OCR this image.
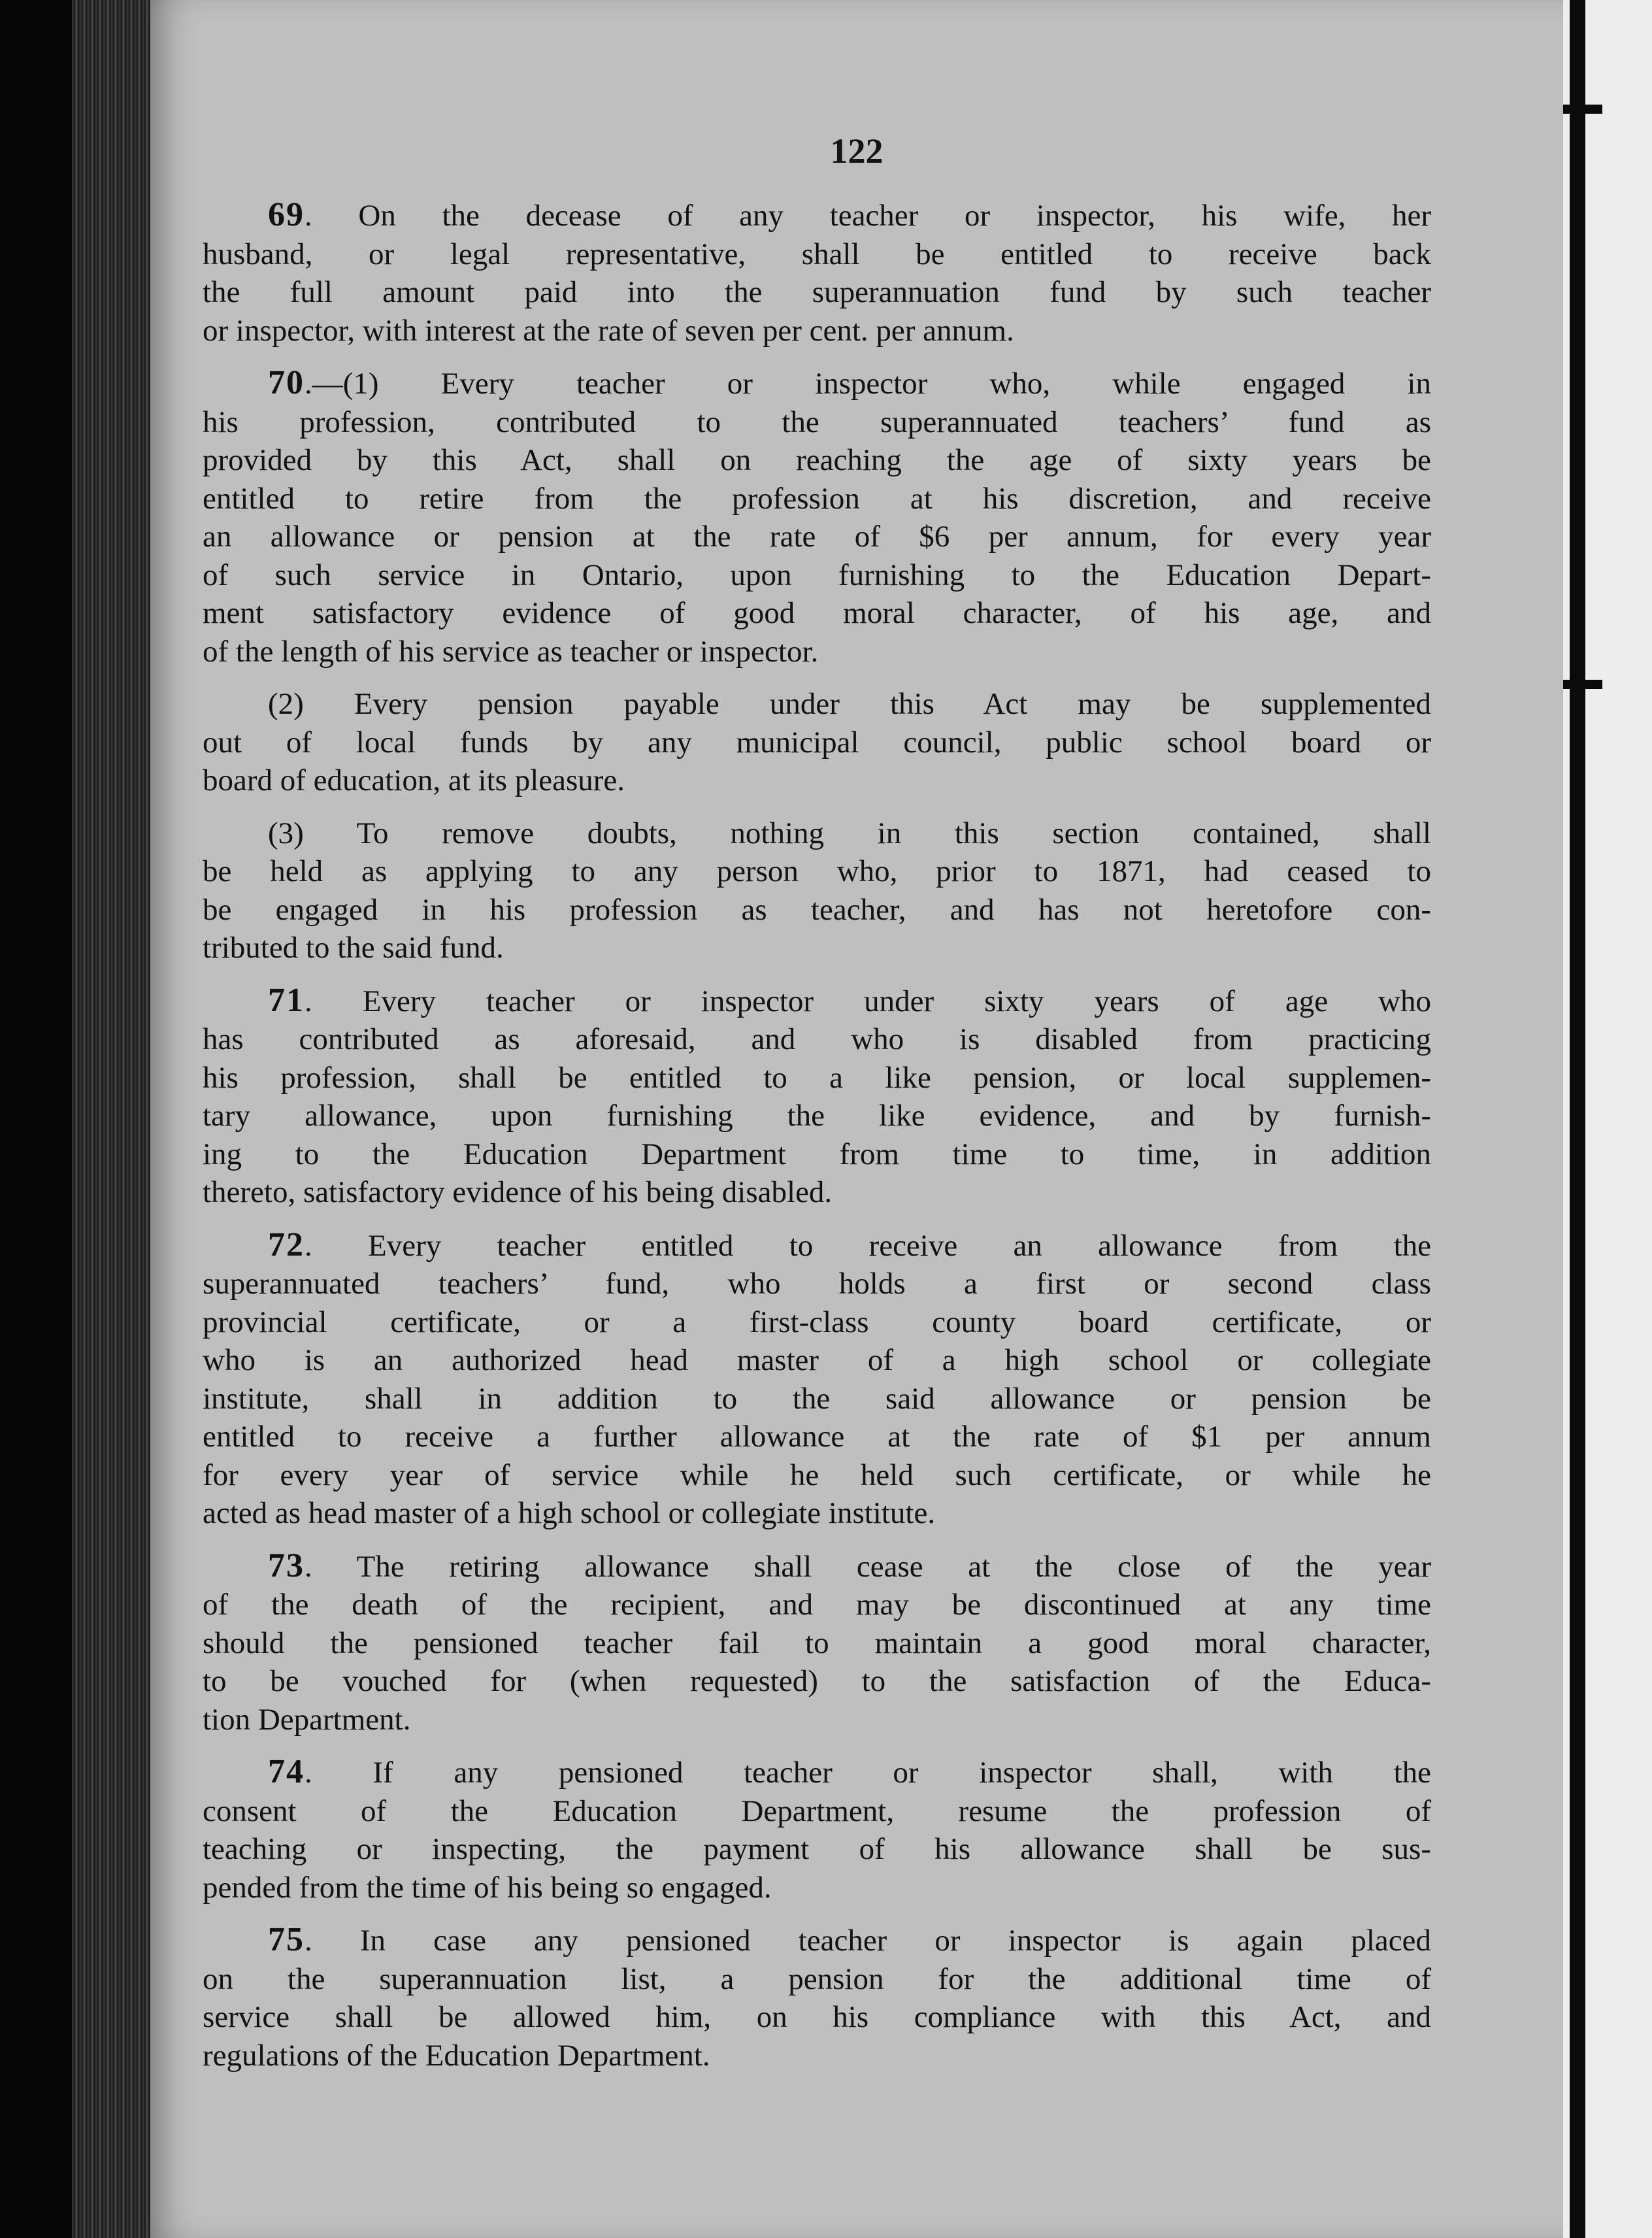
122
69. On the decease of any teacher or inspector, his wife, her
husband, or legal representative, shall be entitled to receive back
the full amount paid into the superannuation fund by such teacher
or inspector, with interest at the rate of seven per cent. per annum.
70.—(1) Every teacher or inspector who, while engaged in
his profession, contributed to the superannuated teachers’ fund as
provided by this Act, shall on reaching the age of sixty years be
entitled to retire from the profession at his discretion, and receive
an allowance or pension at the rate of $6 per annum, for every year
of such service in Ontario, upon furnishing to the Education Depart-
ment satisfactory evidence of good moral character, of his age, and
of the length of his service as teacher or inspector.
(2) Every pension payable under this Act may be supplemented
out of local funds by any municipal council, public school board or
board of education, at its pleasure.
(3) To remove doubts, nothing in this section contained, shall
be held as applying to any person who, prior to 1871, had ceased to
be engaged in his profession as teacher, and has not heretofore con-
tributed to the said fund.
71. Every teacher or inspector under sixty years of age who
has contributed as aforesaid, and who is disabled from practicing
his profession, shall be entitled to a like pension, or local supplemen-
tary allowance, upon furnishing the like evidence, and by furnish-
ing to the Education Department from time to time, in addition
thereto, satisfactory evidence of his being disabled.
72. Every teacher entitled to receive an allowance from the
superannuated teachers’ fund, who holds a first or second class
provincial certificate, or a first-class county board certificate, or
who is an authorized head master of a high school or collegiate
institute, shall in addition to the said allowance or pension be
entitled to receive a further allowance at the rate of $1 per annum
for every year of service while he held such certificate, or while he
acted as head master of a high school or collegiate institute.
73. The retiring allowance shall cease at the close of the year
of the death of the recipient, and may be discontinued at any time
should the pensioned teacher fail to maintain a good moral character,
to be vouched for (when requested) to the satisfaction of the Educa-
tion Department.
74. If any pensioned teacher or inspector shall, with the
consent of the Education Department, resume the profession of
teaching or inspecting, the payment of his allowance shall be sus-
pended from the time of his being so engaged.
75. In case any pensioned teacher or inspector is again placed
on the superannuation list, a pension for the additional time of
service shall be allowed him, on his compliance with this Act, and
regulations of the Education Department.
